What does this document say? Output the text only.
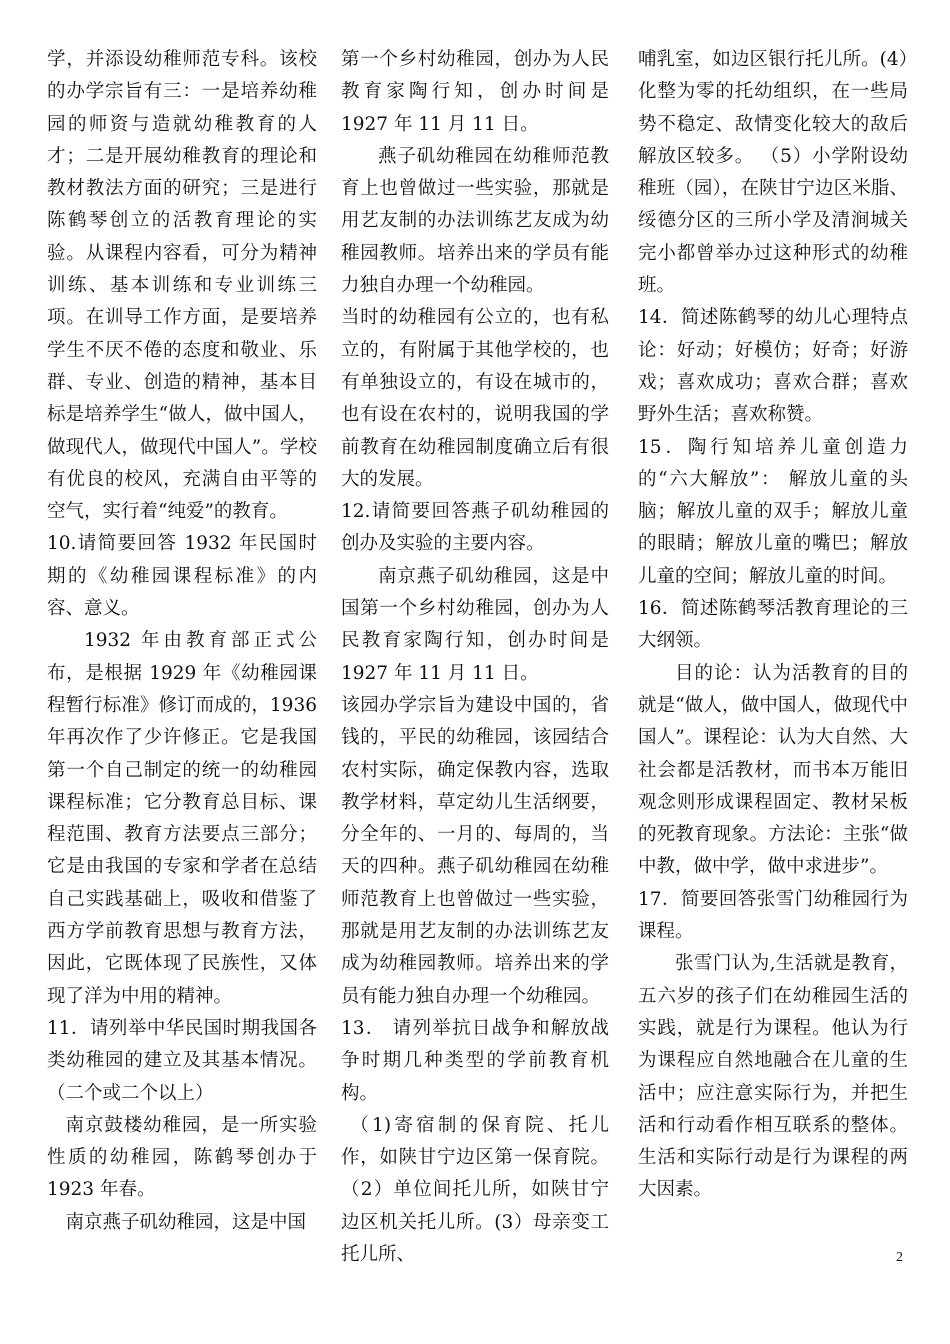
学，并添设幼稚师范专科。该校的办学宗旨有三：一是培养幼稚园的师资与造就幼稚教育的人才；二是开展幼稚教育的理论和教材教法方面的研究；三是进行陈鹤琴创立的活教育理论的实验。从课程内容看，可分为精神训练、基本训练和专业训练三项。在训导工作方面，是要培养学生不厌不倦的态度和敬业、乐群、专业、创造的精神，基本目标是培养学生“做人，做中国人，做现代人，做现代中国人”。学校有优良的校风，充满自由平等的空气，实行着“纯爱”的教育。

10.请简要回答 1932 年民国时期的《幼稚园课程标准》的内容、意义。

1932 年由教育部正式公布，是根据 1929 年《幼稚园课程暂行标准》修订而成的，1936 年再次作了少许修正。它是我国第一个自己制定的统一的幼稚园课程标准；它分教育总目标、课程范围、教育方法要点三部分；它是由我国的专家和学者在总结自己实践基础上，吸收和借鉴了西方学前教育思想与教育方法，因此，它既体现了民族性，又体现了洋为中用的精神。

11．请列举中华民国时期我国各类幼稚园的建立及其基本情况。（二个或二个以上）

南京鼓楼幼稚园，是一所实验性质的幼稚园，陈鹤琴创办于 1923 年春。

南京燕子矶幼稚园，这是中国

第一个乡村幼稚园，创办为人民教育家陶行知，创办时间是 1927 年 11 月 11 日。

燕子矶幼稚园在幼稚师范教育上也曾做过一些实验，那就是用艺友制的办法训练艺友成为幼稚园教师。培养出来的学员有能力独自办理一个幼稚园。

当时的幼稚园有公立的，也有私立的，有附属于其他学校的，也有单独设立的，有设在城市的，也有设在农村的，说明我国的学前教育在幼稚园制度确立后有很大的发展。

12.请简要回答燕子矶幼稚园的创办及实验的主要内容。

南京燕子矶幼稚园，这是中国第一个乡村幼稚园，创办为人民教育家陶行知，创办时间是 1927 年 11 月 11 日。

该园办学宗旨为建设中国的，省钱的，平民的幼稚园，该园结合农村实际，确定保教内容，选取教学材料，草定幼儿生活纲要，分全年的、一月的、每周的，当天的四种。燕子矶幼稚园在幼稚师范教育上也曾做过一些实验，那就是用艺友制的办法训练艺友成为幼稚园教师。培养出来的学员有能力独自办理一个幼稚园。

13． 请列举抗日战争和解放战争时期几种类型的学前教育机构。

（1)寄宿制的保育院、托儿作，如陕甘宁边区第一保育院。（2）单位间托儿所，如陕甘宁边区机关托儿所。(3）母亲变工托儿所、

哺乳室，如边区银行托儿所。(4）化整为零的托幼组织，在一些局势不稳定、敌情变化较大的敌后解放区较多。 （5）小学附设幼稚班（园），在陕甘宁边区米脂、绥德分区的三所小学及清涧城关完小都曾举办过这种形式的幼稚班。

14．简述陈鹤琴的幼儿心理特点论：好动；好模仿；好奇；好游戏；喜欢成功；喜欢合群；喜欢野外生活；喜欢称赞。

15．陶行知培养儿童创造力的“六大解放”： 解放儿童的头脑；解放儿童的双手；解放儿童的眼睛；解放儿童的嘴巴；解放儿童的空间；解放儿童的时间。

16．简述陈鹤琴活教育理论的三大纲领。

目的论：认为活教育的目的就是“做人，做中国人，做现代中国人”。课程论：认为大自然、大社会都是活教材，而书本万能旧观念则形成课程固定、教材呆板的死教育现象。方法论：主张“做中教，做中学，做中求进步”。

17．简要回答张雪门幼稚园行为课程。

张雪门认为,生活就是教育，五六岁的孩子们在幼稚园生活的实践，就是行为课程。他认为行为课程应自然地融合在儿童的生活中；应注意实际行为，并把生活和行动看作相互联系的整体。生活和实际行动是行为课程的两大因素。

2
